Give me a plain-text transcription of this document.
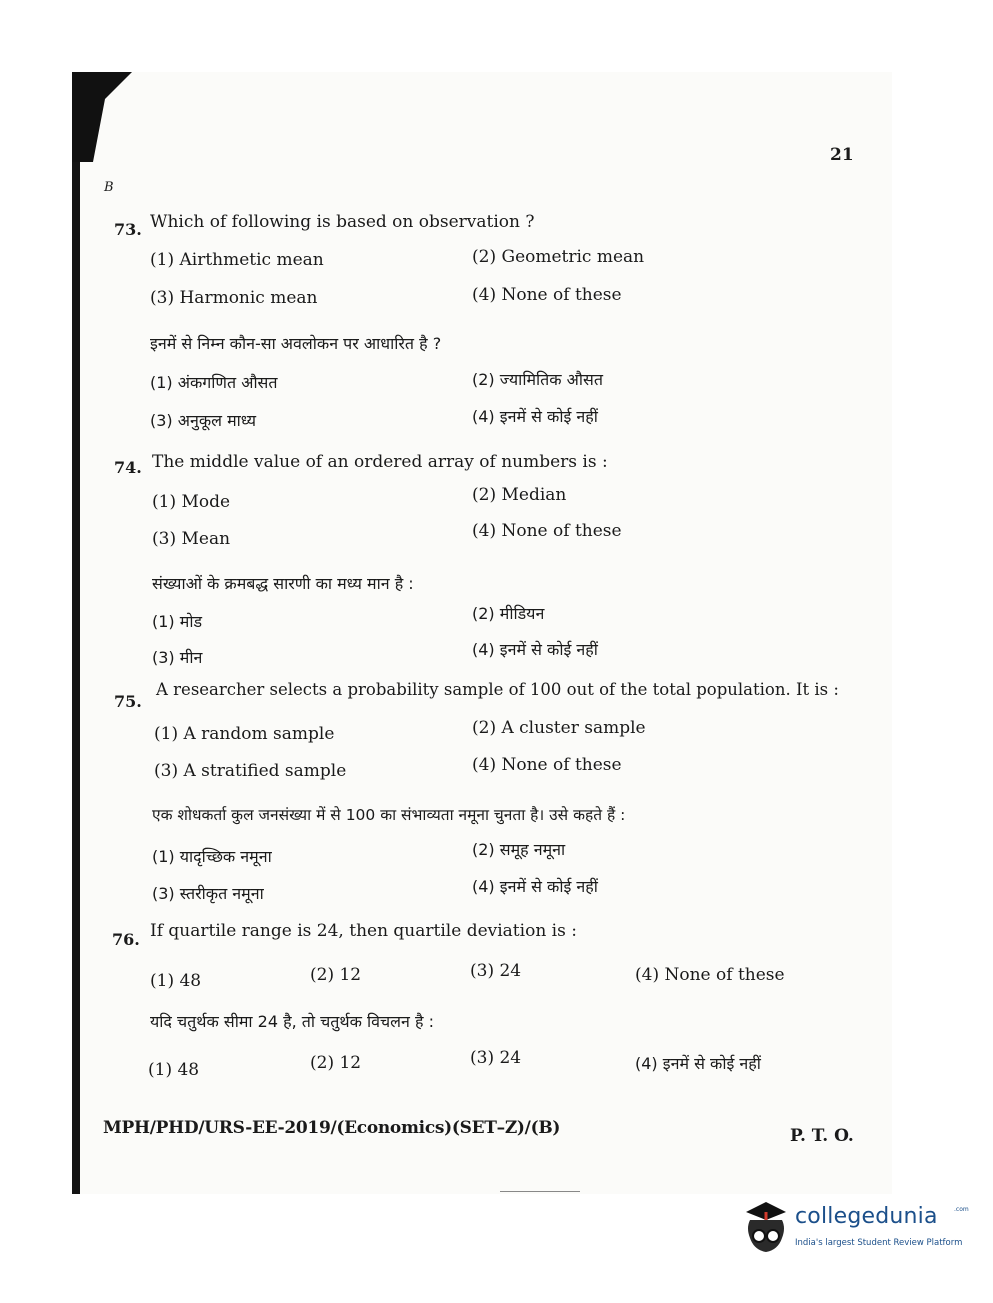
21
B
73. Which of following is based on observation ?
(1) Airthmetic mean	(2) Geometric mean
(3) Harmonic mean	(4) None of these
इनमें से निम्न कौन-सा अवलोकन पर आधारित है ?
(1) अंकगणित औसत	(2) ज्यामितिक औसत
(3) अनुकूल माध्य	(4) इनमें से कोई नहीं
74. The middle value of an ordered array of numbers is :
(1) Mode	(2) Median
(3) Mean	(4) None of these
संख्याओं के क्रमबद्ध सारणी का मध्य मान है :
(1) मोड	(2) मीडियन
(3) मीन	(4) इनमें से कोई नहीं
75.
A researcher selects a probability sample of 100 out of the total population. It is :
(1) A random sample	(2) A cluster sample
(3) A stratified sample	(4) None of these
एक शोधकर्ता कुल जनसंख्या में से 100 का संभाव्यता नमूना चुनता है। उसे कहते हैं :
(1) यादृच्छिक नमूना	(2) समूह नमूना
(3) स्तरीकृत नमूना	(4) इनमें से कोई नहीं
76. If quartile range is 24, then quartile deviation is :
(1) 48	(2) 12	(3) 24	(4) None of these
यदि चतुर्थक सीमा 24 है, तो चतुर्थक विचलन है :
(1) 48	(2) 12	(3) 24	(4) इनमें से कोई नहीं
MPH/PHD/URS-EE-2019/(Economics)(SET–Z)/(B)	P. T. O.
collegedunia	.com
India's largest Student Review Platform
